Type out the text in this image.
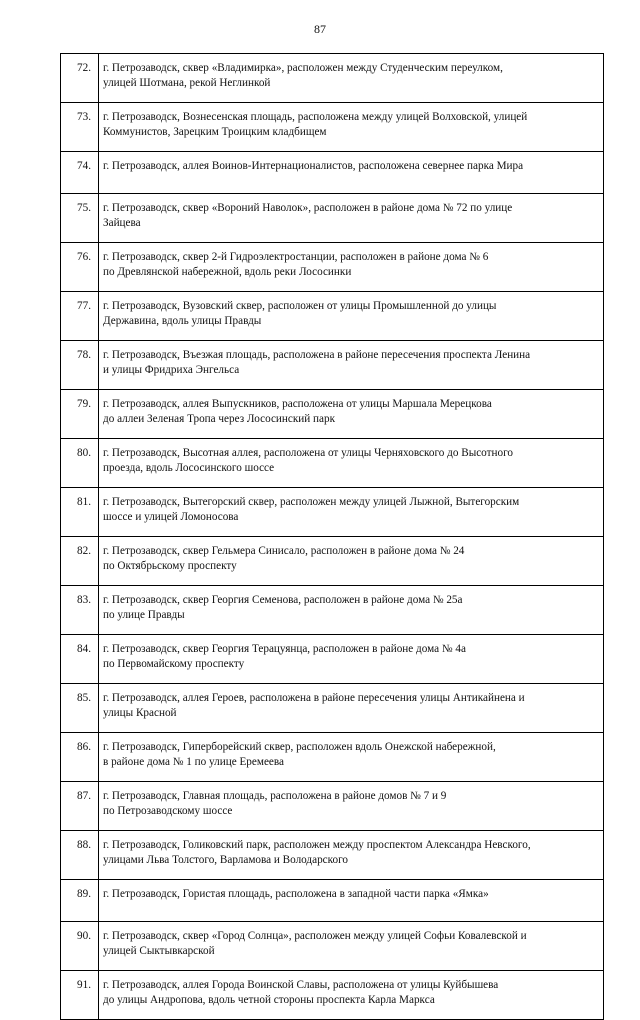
87
72.	г. Петрозаводск, сквер «Владимирка», расположен между Студенческим переулком,
улицей Шотмана, рекой Неглинкой

73.	г. Петрозаводск, Вознесенская площадь, расположена между улицей Волховской, улицей
Коммунистов, Зарецким Троицким кладбищем

74.	г. Петрозаводск, аллея Воинов-Интернационалистов, расположена севернее парка Мира

75.	г. Петрозаводск, сквер «Вороний Наволок», расположен в районе дома № 72 по улице
Зайцева

76.	г. Петрозаводск, сквер 2-й Гидроэлектростанции, расположен в районе дома № 6
по Древлянской набережной, вдоль реки Лососинки

77.	г. Петрозаводск, Вузовский сквер, расположен от улицы Промышленной до улицы
Державина, вдоль улицы Правды

78.	г. Петрозаводск, Въезжая площадь, расположена в районе пересечения проспекта Ленина
и улицы Фридриха Энгельса

79.	г. Петрозаводск, аллея Выпускников, расположена от улицы Маршала Мерецкова
до аллеи Зеленая Тропа через Лососинский парк

80.	г. Петрозаводск, Высотная аллея, расположена от улицы Черняховского до Высотного
проезда, вдоль Лососинского шоссе

81.	г. Петрозаводск, Вытегорский сквер, расположен между улицей Лыжной, Вытегорским
шоссе и улицей Ломоносова

82.	г. Петрозаводск, сквер Гельмера Синисало, расположен в районе дома № 24
по Октябрьскому проспекту

83.	г. Петрозаводск, сквер Георгия Семенова, расположен в районе дома № 25а
по улице Правды

84.	г. Петрозаводск, сквер Георгия Терацуянца, расположен в районе дома № 4а
по Первомайскому проспекту

85.	г. Петрозаводск, аллея Героев, расположена в районе пересечения улицы Антикайнена и
улицы Красной

86.	г. Петрозаводск, Гиперборейский сквер, расположен вдоль Онежской набережной,
в районе дома № 1 по улице Еремеева

87.	г. Петрозаводск, Главная площадь, расположена в районе домов № 7 и 9
по Петрозаводскому шоссе

88.	г. Петрозаводск, Голиковский парк, расположен между проспектом Александра Невского,
улицами Льва Толстого, Варламова и Володарского

89.	г. Петрозаводск, Гористая площадь, расположена в западной части парка «Ямка»

90.	г. Петрозаводск, сквер «Город Солнца», расположен между улицей Софьи Ковалевской и
улицей Сыктывкарской

91.	г. Петрозаводск, аллея Города Воинской Славы, расположена от улицы Куйбышева
до улицы Андропова, вдоль четной стороны проспекта Карла Маркса
